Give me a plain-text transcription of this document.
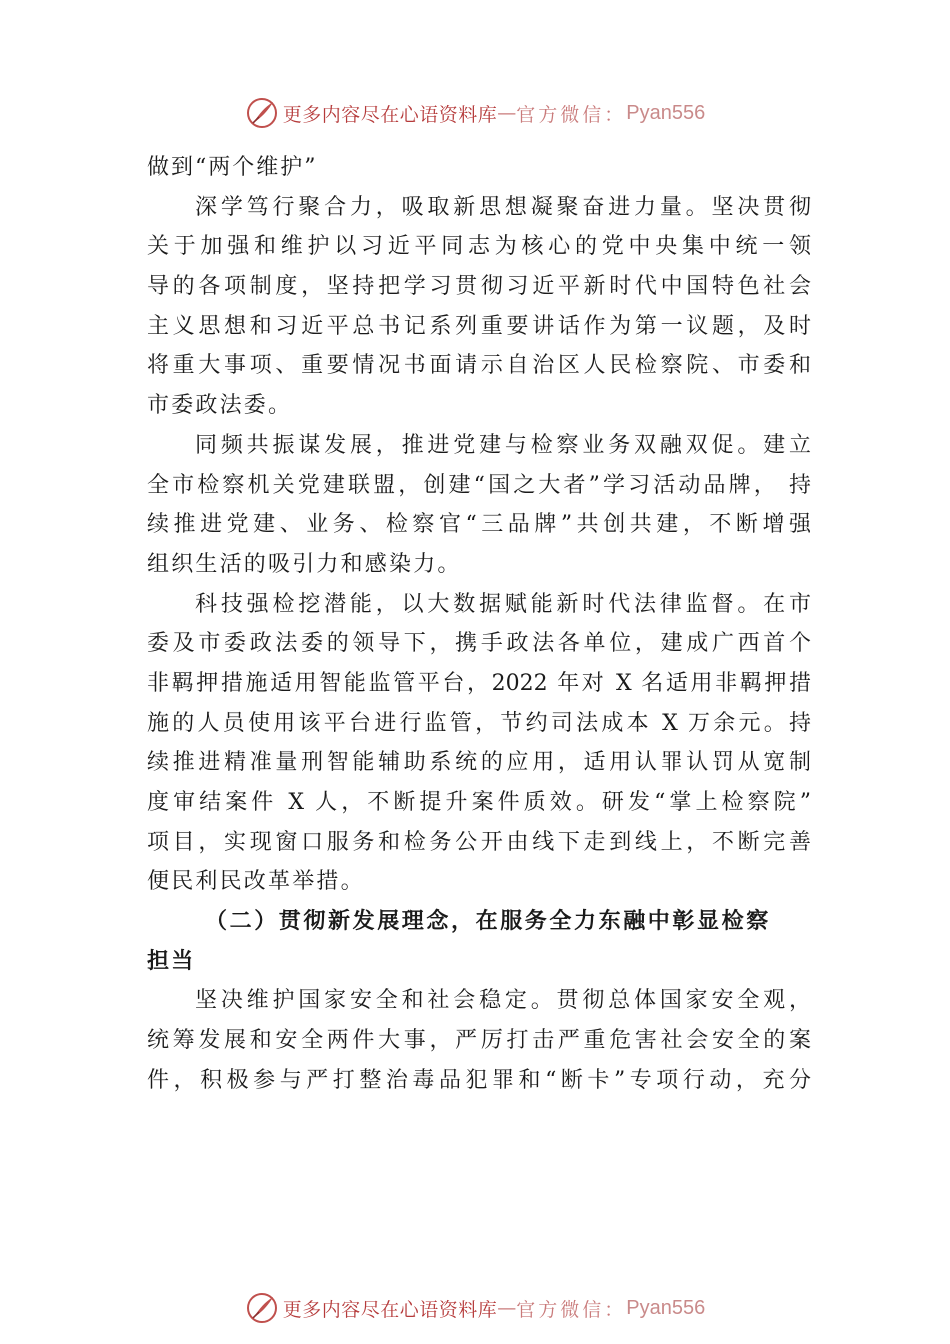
更多内容尽在心语资料库 — 官方微信： Pyan556
做到“两个维护”
深学笃行聚合力，吸取新思想凝聚奋进力量。坚决贯彻
关于加强和维护以习近平同志为核心的党中央集中统一领
导的各项制度，坚持把学习贯彻习近平新时代中国特色社会
主义思想和习近平总书记系列重要讲话作为第一议题，及时
将重大事项、重要情况书面请示自治区人民检察院、市委和
市委政法委。
同频共振谋发展，推进党建与检察业务双融双促。建立
全市检察机关党建联盟，创建“国之大者”学习活动品牌， 持
续推进党建、业务、检察官“三品牌”共创共建，不断增强
组织生活的吸引力和感染力。
科技强检挖潜能，以大数据赋能新时代法律监督。在市
委及市委政法委的领导下，携手政法各单位，建成广西首个
非羁押措施适用智能监管平台，2022 年对 X 名适用非羁押措
施的人员使用该平台进行监管，节约司法成本 X 万余元。持
续推进精准量刑智能辅助系统的应用，适用认罪认罚从宽制
度审结案件 X 人，不断提升案件质效。研发“掌上检察院”
项目，实现窗口服务和检务公开由线下走到线上，不断完善
便民利民改革举措。
（二）贯彻新发展理念，在服务全力东融中彰显检察
担当
坚决维护国家安全和社会稳定。贯彻总体国家安全观，
统筹发展和安全两件大事，严厉打击严重危害社会安全的案
件，积极参与严打整治毒品犯罪和“断卡”专项行动，充分
更多内容尽在心语资料库 — 官方微信： Pyan556
